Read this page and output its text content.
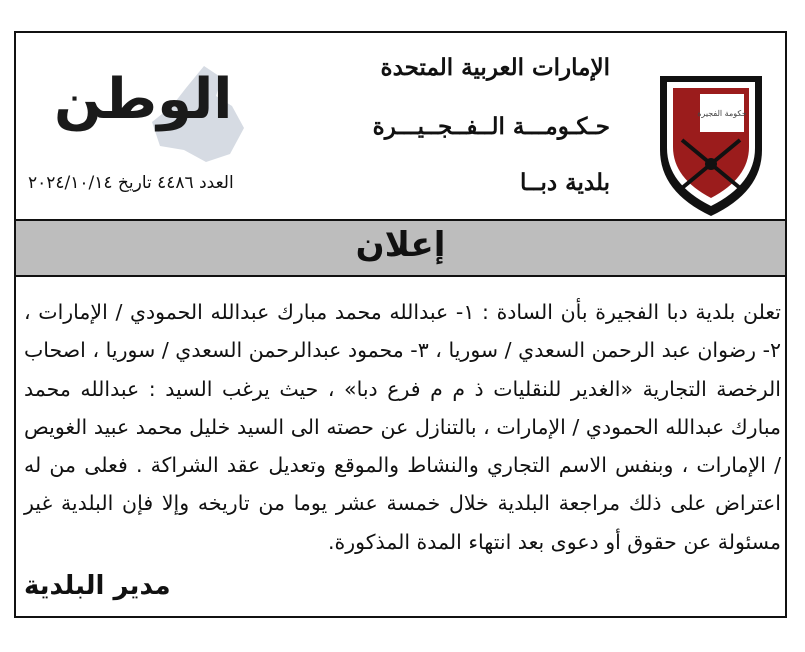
حكومة الفجيرة
الإمارات العربية المتحدة
حـكـومـــة الــفــجــيـــرة
بلدية دبــا
الوطن
العدد ٤٤٨٦ تاريخ ٢٠٢٤/١٠/١٤
إعلان
تعلن بلدية دبا الفجيرة بأن السادة : ١- عبدالله محمد مبارك عبدالله الحمودي / الإمارات ، ٢- رضوان عبد الرحمن السعدي / سوريا ، ٣- محمود عبدالرحمن السعدي / سوريا ، اصحاب الرخصة التجارية «الغدير للنقليات ذ م م فرع دبا» ، حيث يرغب السيد : عبدالله محمد مبارك عبدالله الحمودي / الإمارات ، بالتنازل عن حصته الى السيد خليل محمد عبيد الغويص / الإمارات ، وبنفس الاسم التجاري والنشاط والموقع وتعديل عقد الشراكة . فعلى من له اعتراض على ذلك مراجعة البلدية خلال خمسة عشر يوما من تاريخه وإلا فإن البلدية غير مسئولة عن حقوق أو دعوى بعد انتهاء المدة المذكورة.
مدير البلدية
